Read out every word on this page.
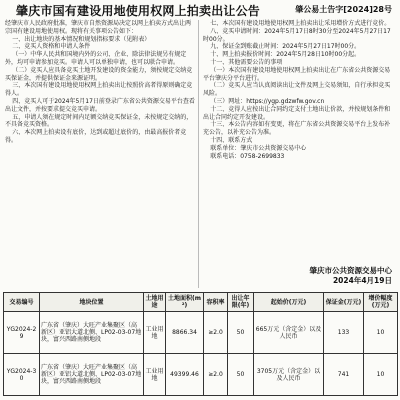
肇庆市国有建设用地使用权网上拍卖出让公告	肇公易土告字[2024]28号

经肇庆市人民政府批准，肇庆市自然资源局决定以网上拍卖方式出让两宗国有建设用地使用权。现将有关事项公告如下：

一、出让地块的基本情况和规划指标要求（见附表）

二、竞买人资格和申请人条件

（一）中华人民共和国境内外的公司、企业、除法律法规另有规定外，均可申请参加竞买。申请人可以单独申请，也可以联合申请。

（二）竞买人应具备竞买土地开发建设的资金能力，须按规定交纳竞买保证金，并提供保证金来源证明。

三、本次国有建设用地使用权网上拍卖出让按照价高者得原则确定竞得人。

四、竞买人可于2024年5月17日前登录广东省公共资源交易平台查看出让文件，并按要求提交竞买申请。

五、申请人须在规定时间内足额交纳竞买保证金，未按规定交纳的，不具备竞买资格。

六、本次网上拍卖设有底价，达到或超过底价的，由最高报价者竞得。

七、本次国有建设用地使用权网上拍卖出让采用增价方式进行竞价。

八、竞买申请时间：2024年5月17日8时30分至2024年5月27日17时00分。

九、保证金到账截止时间：2024年5月27日17时00分。

十、网上拍卖报价时间：2024年5月28日10时00分起。

十一、其他需要公告的事项

（一）本次国有建设用地使用权网上拍卖出让在广东省公共资源交易平台肇庆分平台进行。

（二）竞买人应当认真阅读出让文件及网上交易须知，自行承担竞买风险。

（三）网址：https://ygp.gdzwfw.gov.cn

十二、竞得人应按出让合同约定支付土地出让价款，并按规划条件和出让合同约定开发建设。

十三、本公告内容如有变更，将在广东省公共资源交易平台上发布补充公告，以补充公告为准。

十四、联系方式

联系单位：肇庆市公共资源交易中心

联系电话：0758-2699833

肇庆市公共资源交易中心
2024年4月19日
交易编号	地块位置	土地用途	土地面积(m²)	容积率	出让年限(年)	起始价(万元)	保证金(万元)	增价幅度(万元)
YG2024-29	广东省（肇庆）大旺产业集聚区（高新区）亚铝大道北侧、LP02-03-07地块，富兴西路南侧地段	工业用地	8866.34	≥2.0	50	665万元（含定金）以及人民币	133	10
YG2024-30	广东省（肇庆）大旺产业集聚区（高新区）亚铝大道北侧、LP02-03-07地块，富兴西路南侧地段	工业用地	49399.46	≥2.0	50	3705万元（含定金）以及人民币	741	10
